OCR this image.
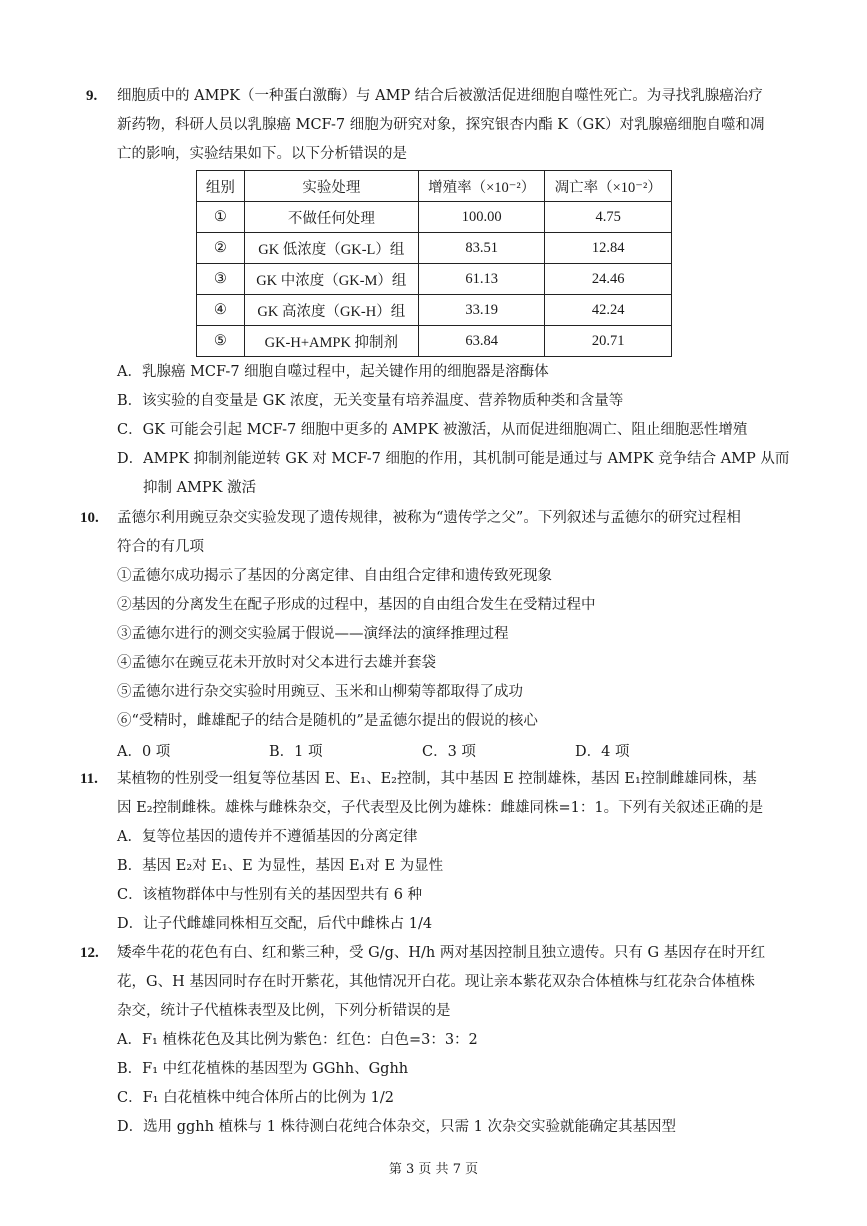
9. 细胞质中的 AMPK（一种蛋白激酶）与 AMP 结合后被激活促进细胞自噬性死亡。为寻找乳腺癌治疗
新药物，科研人员以乳腺癌 MCF-7 细胞为研究对象，探究银杏内酯 K（GK）对乳腺癌细胞自噬和凋
亡的影响，实验结果如下。以下分析错误的是
组别	实验处理	增殖率（×10⁻²）	凋亡率（×10⁻²）
①	不做任何处理	100.00	4.75
②	GK 低浓度（GK-L）组	83.51	12.84
③	GK 中浓度（GK-M）组	61.13	24.46
④	GK 高浓度（GK-H）组	33.19	42.24
⑤	GK-H+AMPK 抑制剂	63.84	20.71
A．乳腺癌 MCF-7 细胞自噬过程中，起关键作用的细胞器是溶酶体
B．该实验的自变量是 GK 浓度，无关变量有培养温度、营养物质种类和含量等
C．GK 可能会引起 MCF-7 细胞中更多的 AMPK 被激活，从而促进细胞凋亡、阻止细胞恶性增殖
D．AMPK 抑制剂能逆转 GK 对 MCF-7 细胞的作用，其机制可能是通过与 AMPK 竞争结合 AMP 从而
抑制 AMPK 激活
10. 孟德尔利用豌豆杂交实验发现了遗传规律，被称为“遗传学之父”。下列叙述与孟德尔的研究过程相
符合的有几项
①孟德尔成功揭示了基因的分离定律、自由组合定律和遗传致死现象
②基因的分离发生在配子形成的过程中，基因的自由组合发生在受精过程中
③孟德尔进行的测交实验属于假说——演绎法的演绎推理过程
④孟德尔在豌豆花未开放时对父本进行去雄并套袋
⑤孟德尔进行杂交实验时用豌豆、玉米和山柳菊等都取得了成功
⑥“受精时，雌雄配子的结合是随机的”是孟德尔提出的假说的核心
A．0 项	B．1 项	C．3 项	D．4 项
11. 某植物的性别受一组复等位基因 E、E₁、E₂控制，其中基因 E 控制雄株，基因 E₁控制雌雄同株，基
因 E₂控制雌株。雄株与雌株杂交，子代表型及比例为雄株：雌雄同株=1：1。下列有关叙述正确的是
A．复等位基因的遗传并不遵循基因的分离定律
B．基因 E₂对 E₁、E 为显性，基因 E₁对 E 为显性
C．该植物群体中与性别有关的基因型共有 6 种
D．让子代雌雄同株相互交配，后代中雌株占 1/4
12. 矮牵牛花的花色有白、红和紫三种，受 G/g、H/h 两对基因控制且独立遗传。只有 G 基因存在时开红
花，G、H 基因同时存在时开紫花，其他情况开白花。现让亲本紫花双杂合体植株与红花杂合体植株
杂交，统计子代植株表型及比例，下列分析错误的是
A．F₁ 植株花色及其比例为紫色：红色：白色=3：3：2
B．F₁ 中红花植株的基因型为 GGhh、Gghh
C．F₁ 白花植株中纯合体所占的比例为 1/2
D．选用 gghh 植株与 1 株待测白花纯合体杂交，只需 1 次杂交实验就能确定其基因型
第 3 页 共 7 页
